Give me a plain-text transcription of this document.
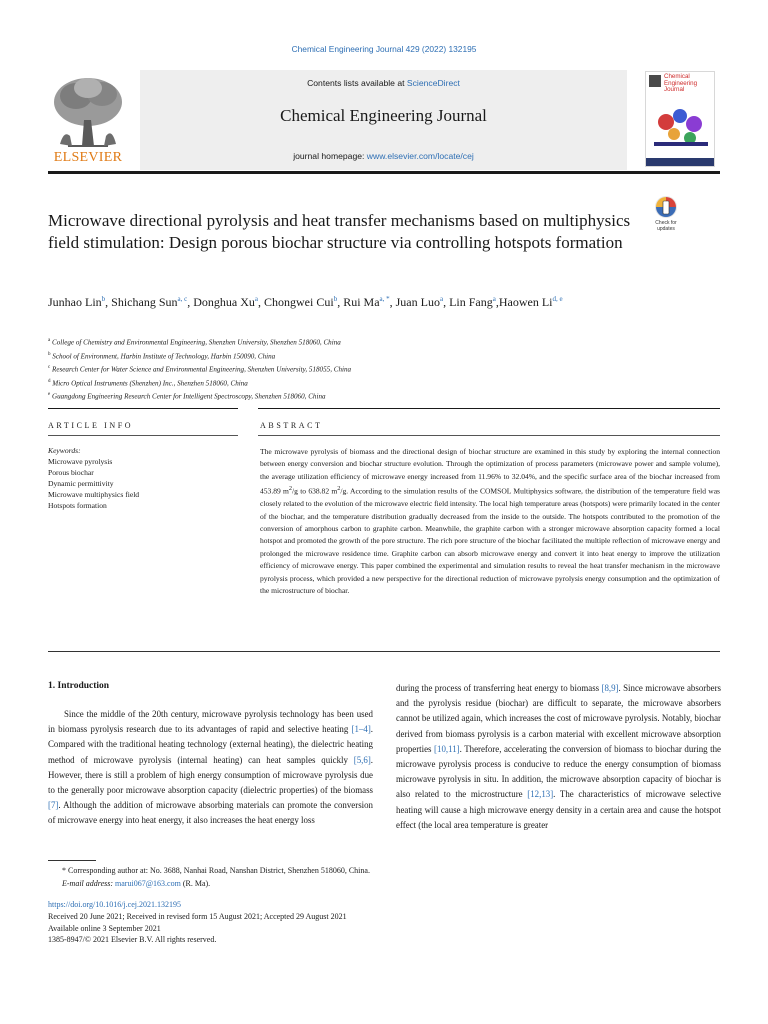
Chemical Engineering Journal 429 (2022) 132195
Contents lists available at ScienceDirect
Chemical Engineering Journal
journal homepage: www.elsevier.com/locate/cej
ELSEVIER
Chemical Engineering Journal
Microwave directional pyrolysis and heat transfer mechanisms based on multiphysics field stimulation: Design porous biochar structure via controlling hotspots formation
Check for
updates
Junhao Lin$^b$, Shichang Sun$^{a, c}$, Donghua Xu$^a$, Chongwei Cui$^b$, Rui $Ma^{a, *}$, Juan Luo$^a$, Lin Fang$^a$,Haowen Li$^{d, e}$
$^a$ College of Chemistry and Environmental Engineering, Shenzhen University, Shenzhen 518060, China
$^b$ School of Environment, Harbin Institute of Technology, Harbin 150090, China
$^c$ Research Center for Water Science and Environmental Engineering, Shenzhen University, 518055, China
$^d$ Micro Optical Instruments (Shenzhen) Inc., Shenzhen 518060, China
$^e$ Guangdong Engineering Research Center for Intelligent Spectroscopy, Shenzhen 518060, China
ARTICLE INFO	ABSTRACT
Keywords:
Microwave pyrolysis
Porous biochar
Dynamic permittivity
Microwave multiphysics field
Hotspots formation
The microwave pyrolysis of biomass and the directional design of biochar structure are examined in this study by exploring the internal connection between energy conversion and biochar structure evolution. Through the optimization of process parameters (microwave power and sample volume), the average utilization efficiency of microwave energy increased from 11.96% to 32.04%, and the specific surface area of the biochar increased from 453.89 $m^2/g$ to 638.82 $m^2/g$. According to the simulation results of the COMSOL Multiphysics software, the distribution of the temperature field was closely related to the evolution of the microwave electric field intensity. The local high temperature areas (hotspots) were primarily located in the center of the biochar, and the temperature distribution gradually decreased from the inside to the outside. The hotspots contributed to the promotion of the conversion of amorphous carbon to graphite carbon. Meanwhile, the graphite carbon with a stronger microwave absorption capacity formed a local hotspot and promoted the growth of the pore structure. The rich pore structure of the biochar facilitated the multiple reflection of microwave energy and prolonged the microwave residence time. Graphite carbon can absorb microwave energy and convert it into heat energy to improve the utilization efficiency of microwave energy. This paper combined the experimental and simulation results to reveal the heat transfer mechanism in the microwave pyrolysis process, which provided a new perspective for the directional reduction of microwave pyrolysis energy consumption and the optimization of the microstructure of biochar.
1. Introduction
Since the middle of the 20th century, microwave pyrolysis technology has been used in biomass pyrolysis research due to its advantages of rapid and selective heating [1–4]. Compared with the traditional heating technology (external heating), the dielectric heating method of microwave pyrolysis (internal heating) can heat samples quickly [5,6]. However, there is still a problem of high energy consumption of microwave pyrolysis due to the generally poor microwave absorption capacity (dielectric properties) of the biomass [7]. Although the addition of microwave absorbing materials can promote the conversion of microwave energy into heat energy, it also increases the heat energy loss
during the process of transferring heat energy to biomass [8,9]. Since microwave absorbers and the pyrolysis residue (biochar) are difficult to separate, the microwave absorbers cannot be utilized again, which increases the cost of microwave pyrolysis. Notably, biochar derived from biomass pyrolysis is a carbon material with excellent microwave absorption properties [10,11]. Therefore, accelerating the conversion of biomass to biochar during the microwave pyrolysis process is conducive to reduce the energy consumption of biomass microwave pyrolysis in situ. In addition, the microwave absorption capacity of biochar is also related to the microstructure [12,13]. The characteristics of microwave selective heating will cause a high microwave energy density in a certain area and cause the hotspot effect (the local area temperature is greater
* Corresponding author at: No. 3688, Nanhai Road, Nanshan District, Shenzhen 518060, China.
E-mail address: marui067@163.com (R. Ma).
https://doi.org/10.1016/j.cej.2021.132195
Received 20 June 2021; Received in revised form 15 August 2021; Accepted 29 August 2021
Available online 3 September 2021
1385-8947/© 2021 Elsevier B.V. All rights reserved.
